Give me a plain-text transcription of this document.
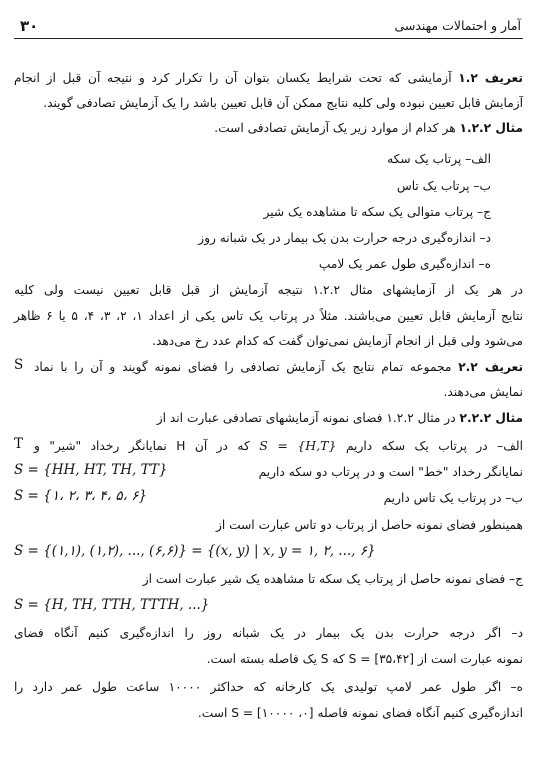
۳۰	آمار و احتمالات مهندسی
تعریف ۱.۲ آزمایشی که تحت شرایط یکسان بتوان آن را تکرار کرد و نتیجه آن قبل از انجام
آزمایش قابل تعیین نبوده ولی کلیه نتایج ممکن آن قابل تعیین باشد را یک آزمایش تصادفی گویند.
مثال ۱.۲.۲ هر کدام از موارد زیر یک آزمایش تصادفی است.
الف– پرتاب یک سکه
ب– پرتاب یک تاس
ج– پرتاب متوالی یک سکه تا مشاهده یک شیر
د– اندازه‌گیری درجه حرارت بدن یک بیمار در یک شبانه روز
ه– اندازه‌گیری طول عمر یک لامپ
در هر یک از آزمایشهای مثال ۱.۲.۲ نتیجه آزمایش از قبل قابل تعیین نیست ولی کلیه
نتایج آزمایش قابل تعیین می‌باشند. مثلاً در پرتاب یک تاس یکی از اعداد ۱، ۲، ۳، ۴، ۵ یا ۶ ظاهر
می‌شود ولی قبل از انجام آزمایش نمی‌توان گفت که کدام عدد رخ می‌دهد.
تعریف ۲.۲ مجموعه تمام نتایج یک آزمایش تصادفی را فضای نمونه گویند و آن را با نماد
S
نمایش می‌دهند.
مثال ۲.۲.۲ در مثال ۱.۲.۲ فضای نمونه آزمایشهای تصادفی عبارت اند از
الف– در پرتاب یک سکه داریم S = {H,T} که در آن H نمایانگر رخداد "شیر" و
T
نمایانگر رخداد "خط" است و در پرتاب دو سکه داریم
S = {HH, HT, TH, TT}
ب– در پرتاب یک تاس داریم
S = {۱، ۲، ۳، ۴، ۵، ۶}
همینطور فضای نمونه حاصل از پرتاب دو تاس عبارت است از
S = {(۱,۱), (۱,۲), ..., (۶,۶)} = {(x, y) | x, y = ۱, ۲, ..., ۶}
ج– فضای نمونه حاصل از پرتاب یک سکه تا مشاهده یک شیر عبارت است از
S = {H, TH, TTH, TTTH, ...}
د– اگر درجه حرارت بدن یک بیمار در یک شبانه روز را اندازه‌گیری کنیم آنگاه فضای
نمونه عبارت است از [۳۵،۴۲] = S که S یک فاصله بسته است.
ه– اگر طول عمر لامپ تولیدی یک کارخانه که حداکثر ۱۰۰۰۰ ساعت طول عمر دارد را
اندازه‌گیری کنیم آنگاه فضای نمونه فاصله [۰، ۱۰۰۰۰] = S است.
